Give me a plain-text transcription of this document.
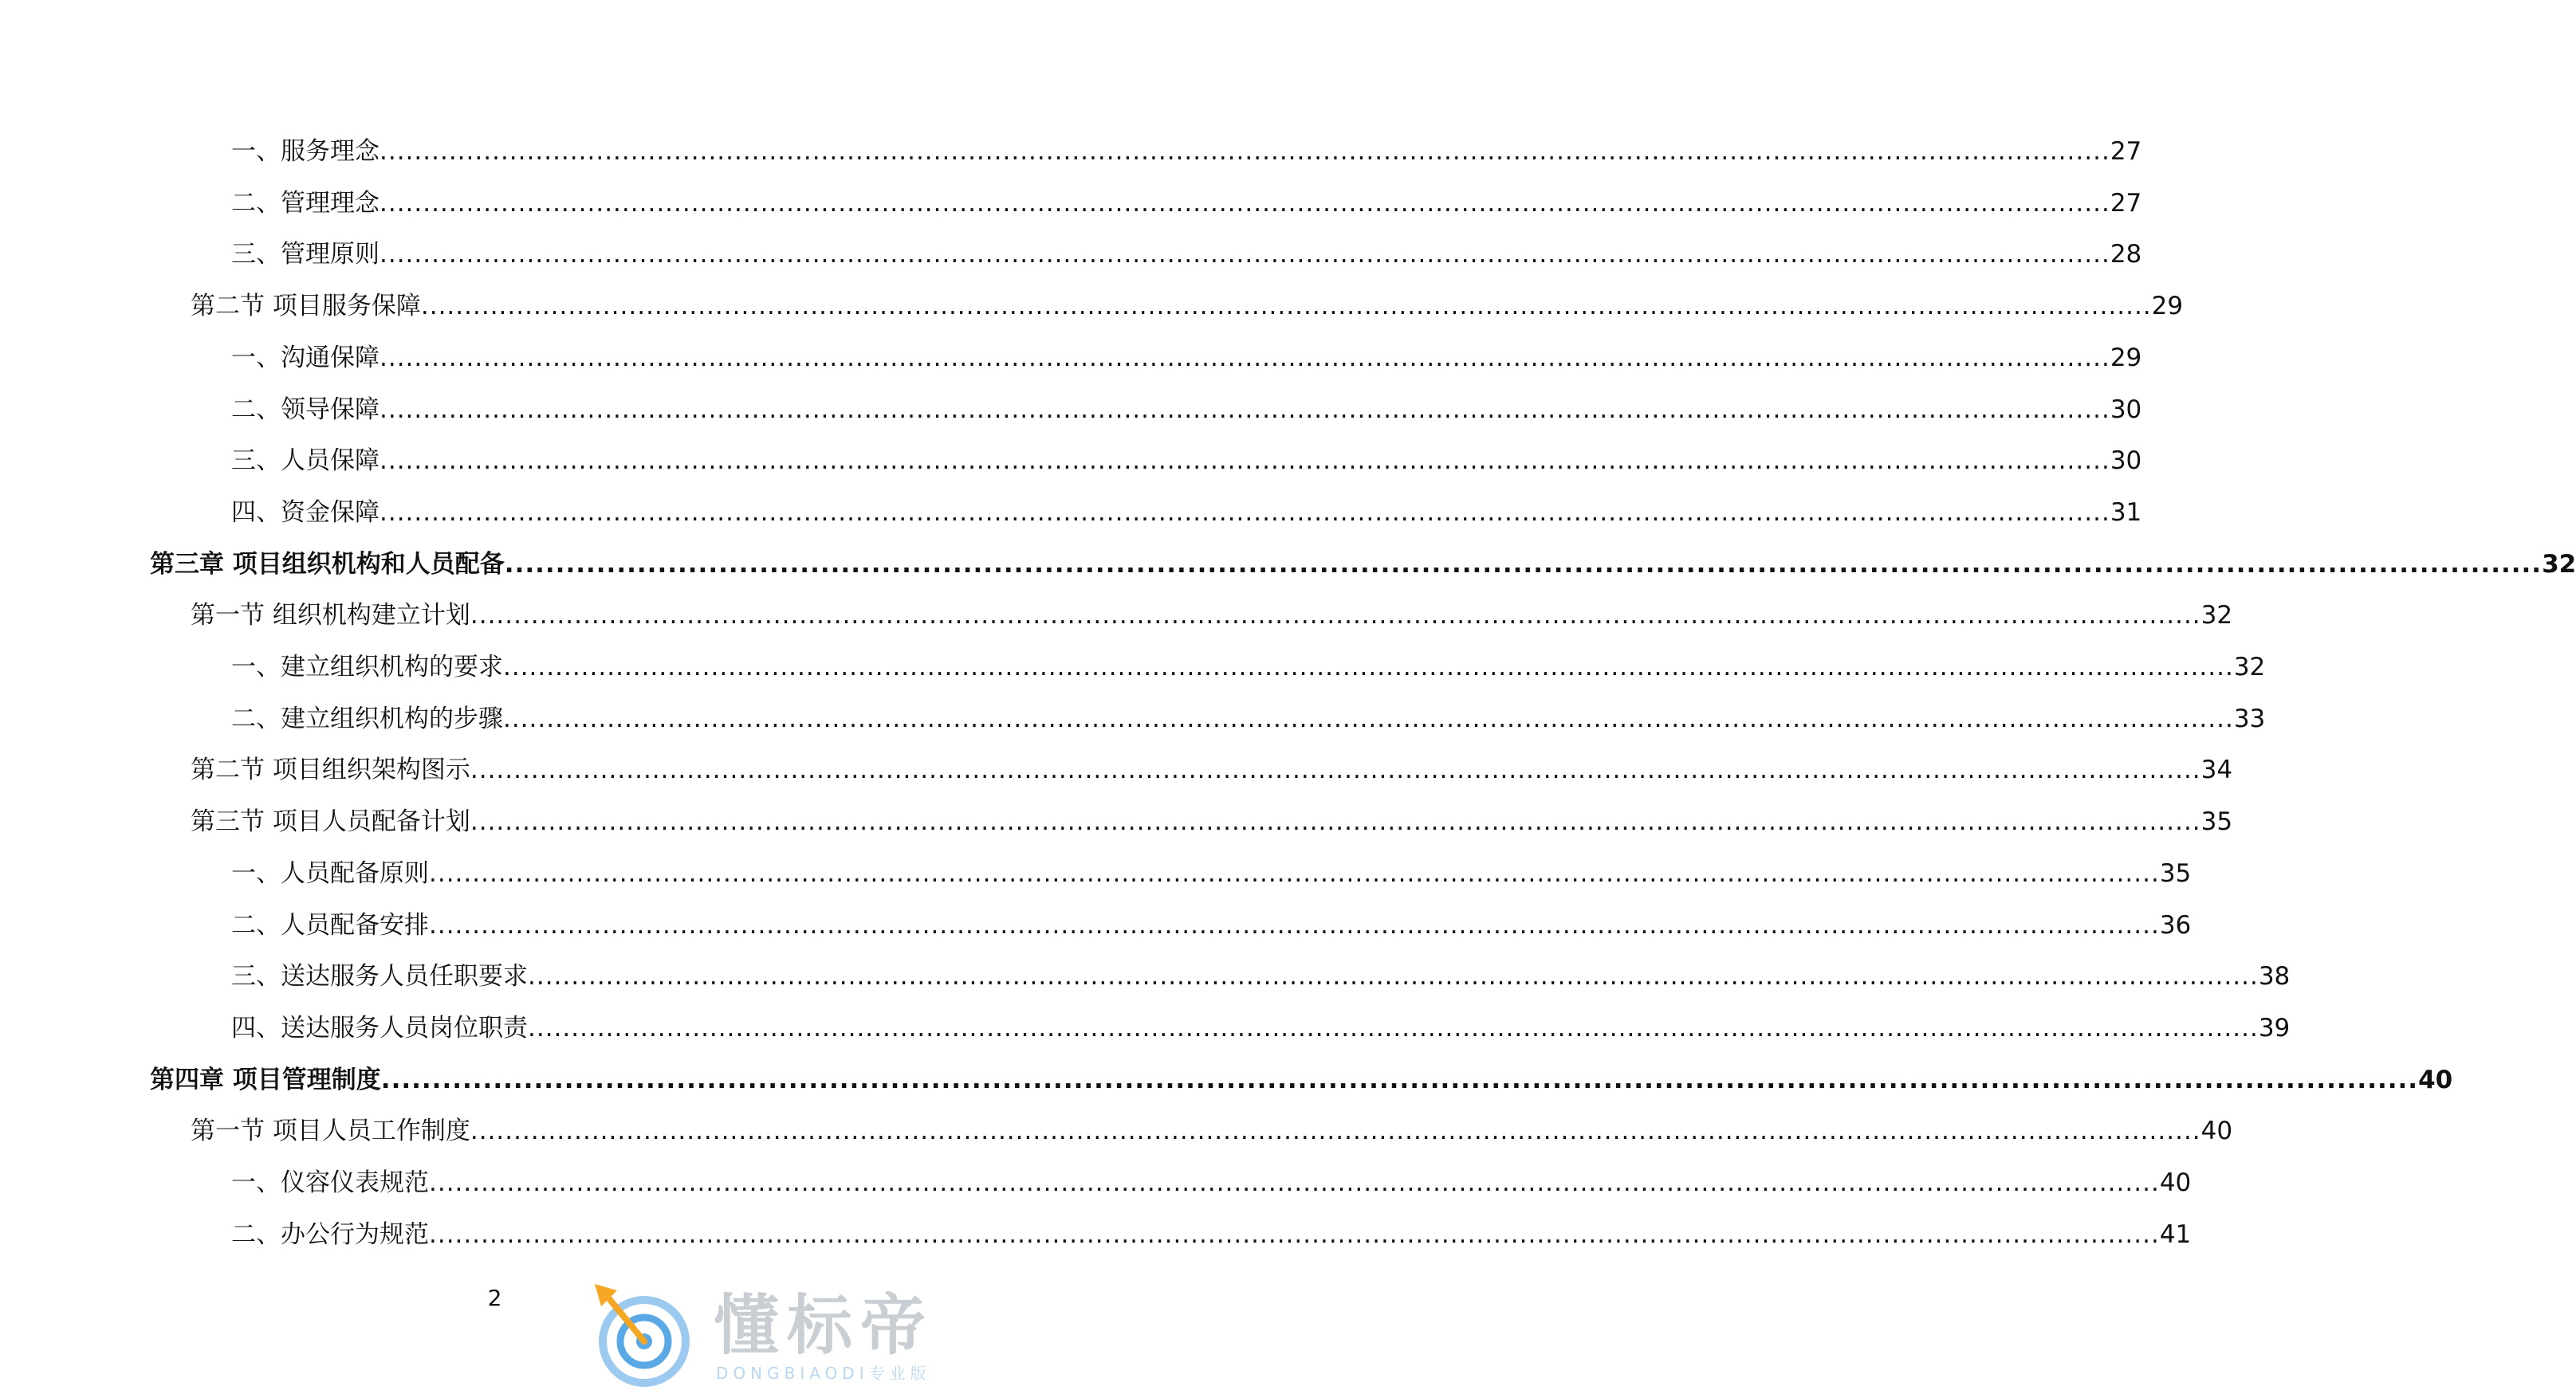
一、服务理念 ........................................................................................................................................................................................................ 27
二、管理理念 ........................................................................................................................................................................................................ 27
三、管理原则 ........................................................................................................................................................................................................ 28
第二节 项目服务保障 ........................................................................................................................................................................................................ 29
一、沟通保障 ........................................................................................................................................................................................................ 29
二、领导保障 ........................................................................................................................................................................................................ 30
三、人员保障 ........................................................................................................................................................................................................ 30
四、资金保障 ........................................................................................................................................................................................................ 31
第三章 项目组织机构和人员配备 ........................................................................................................................................................................................................ 32
第一节 组织机构建立计划 ........................................................................................................................................................................................................ 32
一、建立组织机构的要求 ........................................................................................................................................................................................................ 32
二、建立组织机构的步骤 ........................................................................................................................................................................................................ 33
第二节 项目组织架构图示 ........................................................................................................................................................................................................ 34
第三节 项目人员配备计划 ........................................................................................................................................................................................................ 35
一、人员配备原则 ........................................................................................................................................................................................................ 35
二、人员配备安排 ........................................................................................................................................................................................................ 36
三、送达服务人员任职要求 ........................................................................................................................................................................................................ 38
四、送达服务人员岗位职责 ........................................................................................................................................................................................................ 39
第四章 项目管理制度 ........................................................................................................................................................................................................ 40
第一节 项目人员工作制度 ........................................................................................................................................................................................................ 40
一、仪容仪表规范 ........................................................................................................................................................................................................ 40
二、办公行为规范 ........................................................................................................................................................................................................ 41
2	懂标帝
DONGBIAODI专业版
